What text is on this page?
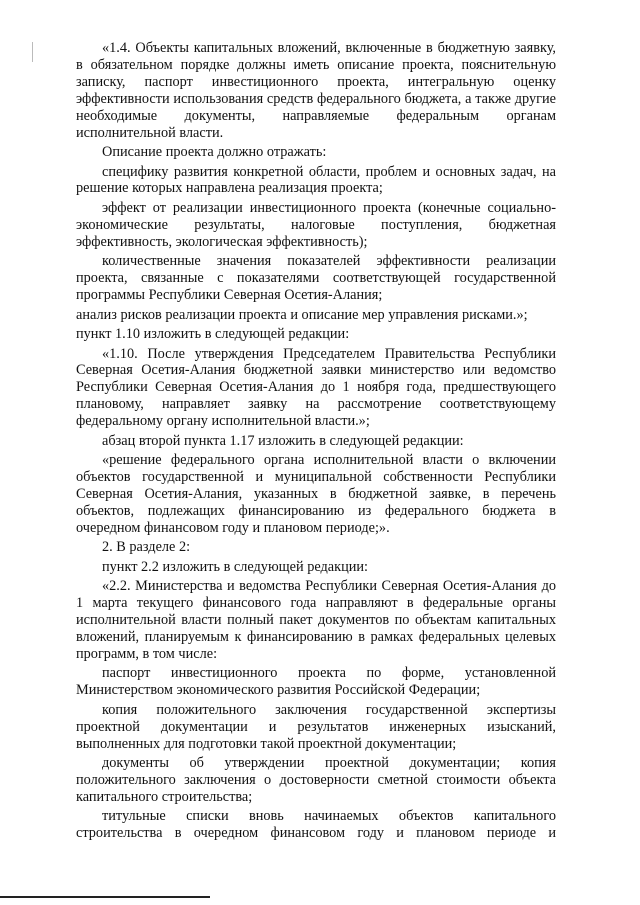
«1.4. Объекты капитальных вложений, включенные в бюджетную заявку, в обязательном порядке должны иметь описание проекта, пояснительную записку, паспорт инвестиционного проекта, интегральную оценку эффективности использования средств федерального бюджета, а также другие необходимые документы, направляемые федеральным органам исполнительной власти.

Описание проекта должно отражать:

специфику развития конкретной области, проблем и основных задач, на решение которых направлена реализация проекта;

эффект от реализации инвестиционного проекта (конечные социально-экономические результаты, налоговые поступления, бюджетная эффективность, экологическая эффективность);

количественные значения показателей эффективности реализации проекта, связанные с показателями соответствующей государственной программы Республики Северная Осетия-Алания;

анализ рисков реализации проекта и описание мер управления рисками.»;

пункт 1.10 изложить в следующей редакции:

«1.10. После утверждения Председателем Правительства Республики Северная Осетия-Алания бюджетной заявки министерство или ведомство Республики Северная Осетия-Алания до 1 ноября года, предшествующего плановому, направляет заявку на рассмотрение соответствующему федеральному органу исполнительной власти.»;

абзац второй пункта 1.17 изложить в следующей редакции:

«решение федерального органа исполнительной власти о включении объектов государственной и муниципальной собственности Республики Северная Осетия-Алания, указанных в бюджетной заявке, в перечень объектов, подлежащих финансированию из федерального бюджета в очередном финансовом году и плановом периоде;».

2. В разделе 2:

пункт 2.2 изложить в следующей редакции:

«2.2. Министерства и ведомства Республики Северная Осетия-Алания до 1 марта текущего финансового года направляют в федеральные органы исполнительной власти полный пакет документов по объектам капитальных вложений, планируемым к финансированию в рамках федеральных целевых программ, в том числе:

паспорт инвестиционного проекта по форме, установленной Министерством экономического развития Российской Федерации;

копия положительного заключения государственной экспертизы проектной документации и результатов инженерных изысканий, выполненных для подготовки такой проектной документации;

документы об утверждении проектной документации; копия положительного заключения о достоверности сметной стоимости объекта капитального строительства;

титульные списки вновь начинаемых объектов капитального строительства в очередном финансовом году и плановом периоде и
